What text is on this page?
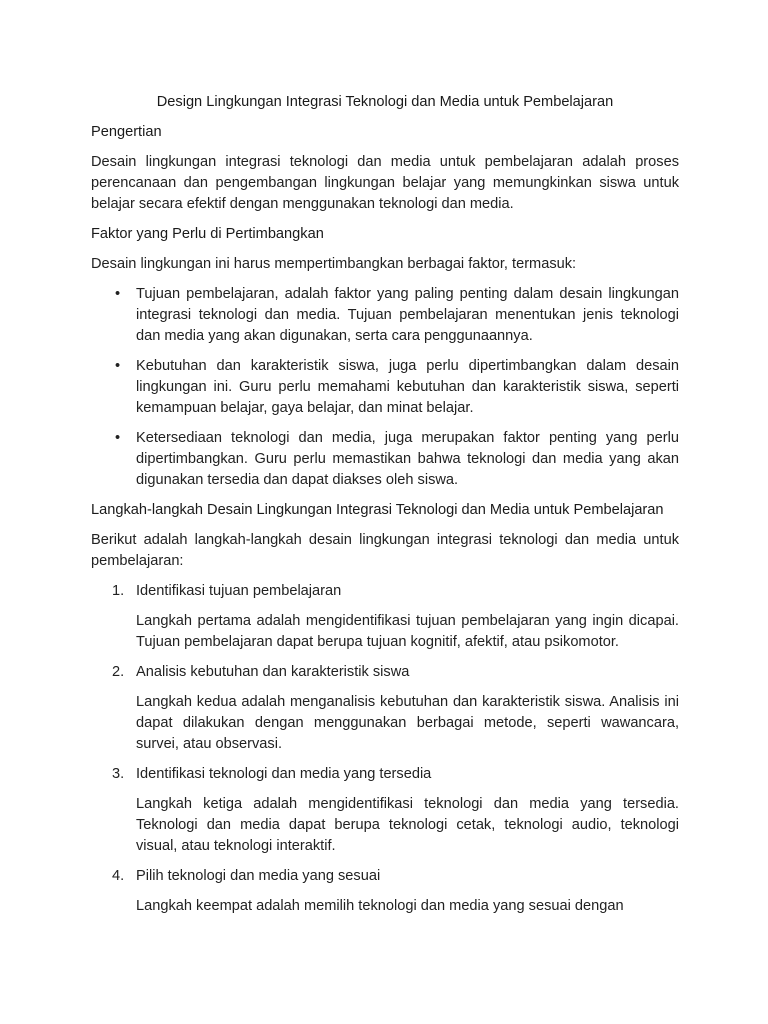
Design Lingkungan Integrasi Teknologi dan Media untuk Pembelajaran
Pengertian
Desain lingkungan integrasi teknologi dan media untuk pembelajaran adalah proses perencanaan dan pengembangan lingkungan belajar yang memungkinkan siswa untuk belajar secara efektif dengan menggunakan teknologi dan media.
Faktor yang Perlu di Pertimbangkan
Desain lingkungan ini harus mempertimbangkan berbagai faktor, termasuk:
• Tujuan pembelajaran, adalah faktor yang paling penting dalam desain lingkungan integrasi teknologi dan media. Tujuan pembelajaran menentukan jenis teknologi dan media yang akan digunakan, serta cara penggunaannya.
• Kebutuhan dan karakteristik siswa, juga perlu dipertimbangkan dalam desain lingkungan ini. Guru perlu memahami kebutuhan dan karakteristik siswa, seperti kemampuan belajar, gaya belajar, dan minat belajar.
• Ketersediaan teknologi dan media, juga merupakan faktor penting yang perlu dipertimbangkan. Guru perlu memastikan bahwa teknologi dan media yang akan digunakan tersedia dan dapat diakses oleh siswa.
Langkah-langkah Desain Lingkungan Integrasi Teknologi dan Media untuk Pembelajaran
Berikut adalah langkah-langkah desain lingkungan integrasi teknologi dan media untuk pembelajaran:
1. Identifikasi tujuan pembelajaran
Langkah pertama adalah mengidentifikasi tujuan pembelajaran yang ingin dicapai. Tujuan pembelajaran dapat berupa tujuan kognitif, afektif, atau psikomotor.
2. Analisis kebutuhan dan karakteristik siswa
Langkah kedua adalah menganalisis kebutuhan dan karakteristik siswa. Analisis ini dapat dilakukan dengan menggunakan berbagai metode, seperti wawancara, survei, atau observasi.
3. Identifikasi teknologi dan media yang tersedia
Langkah ketiga adalah mengidentifikasi teknologi dan media yang tersedia. Teknologi dan media dapat berupa teknologi cetak, teknologi audio, teknologi visual, atau teknologi interaktif.
4. Pilih teknologi dan media yang sesuai
Langkah keempat adalah memilih teknologi dan media yang sesuai dengan
